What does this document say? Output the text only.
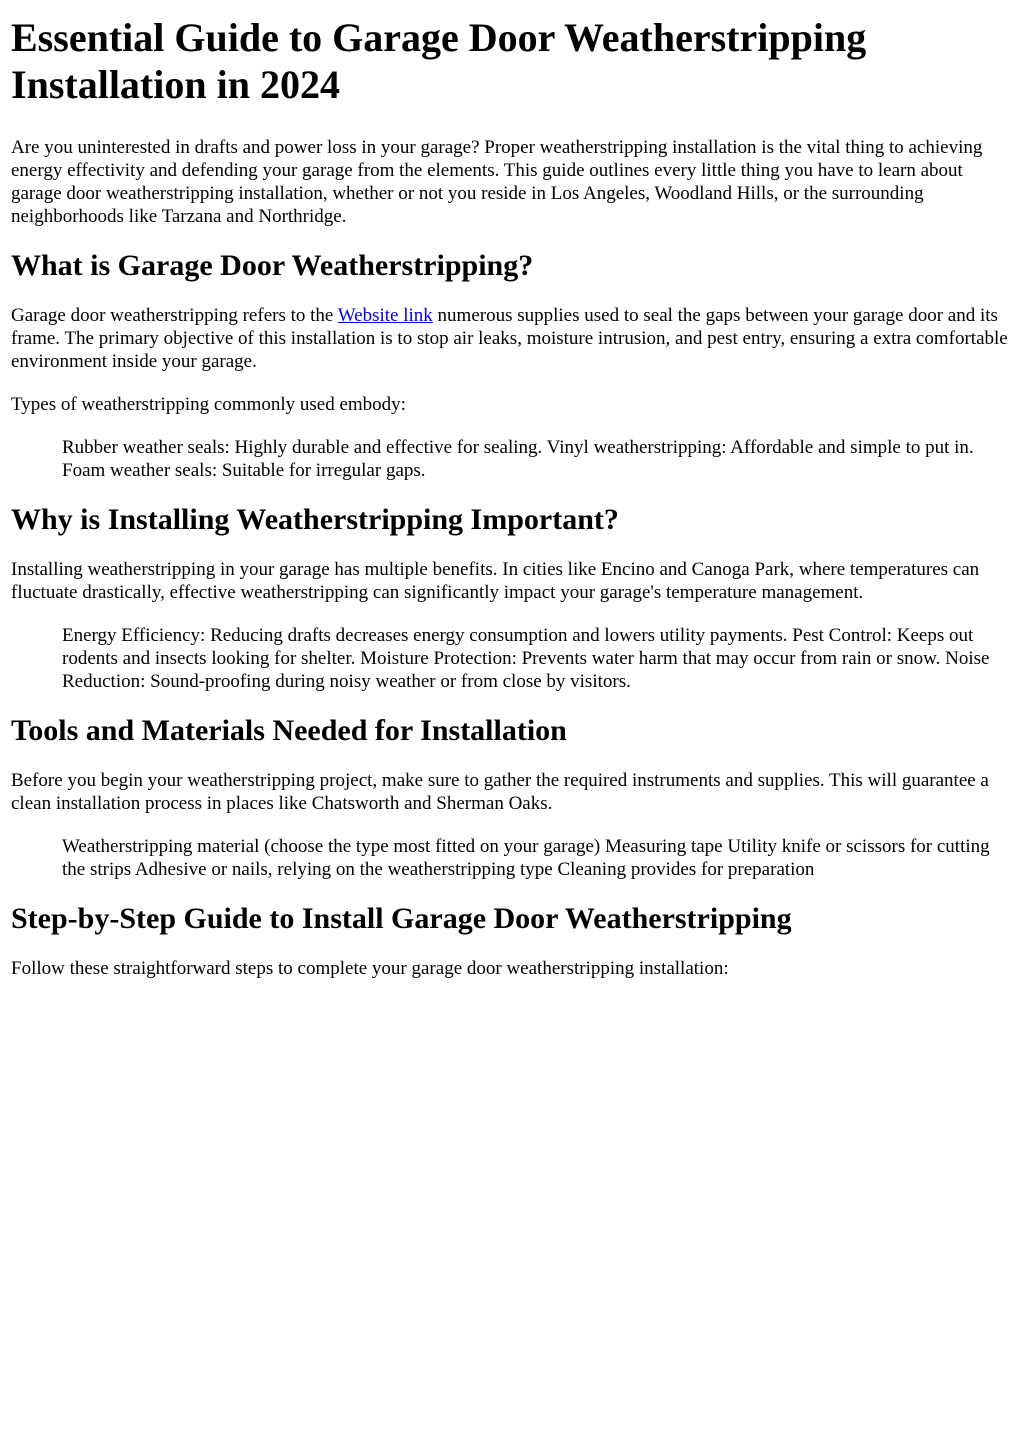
Essential Guide to Garage Door Weatherstripping Installation in 2024

Are you uninterested in drafts and power loss in your garage? Proper weatherstripping installation is the vital thing to achieving energy effectivity and defending your garage from the elements. This guide outlines every little thing you have to learn about garage door weatherstripping installation, whether or not you reside in Los Angeles, Woodland Hills, or the surrounding neighborhoods like Tarzana and Northridge.

What is Garage Door Weatherstripping?

Garage door weatherstripping refers to the Website link numerous supplies used to seal the gaps between your garage door and its frame. The primary objective of this installation is to stop air leaks, moisture intrusion, and pest entry, ensuring a extra comfortable environment inside your garage.

Types of weatherstripping commonly used embody:

Rubber weather seals: Highly durable and effective for sealing. Vinyl weatherstripping: Affordable and simple to put in. Foam weather seals: Suitable for irregular gaps.
Why is Installing Weatherstripping Important?

Installing weatherstripping in your garage has multiple benefits. In cities like Encino and Canoga Park, where temperatures can fluctuate drastically, effective weatherstripping can significantly impact your garage's temperature management.

Energy Efficiency: Reducing drafts decreases energy consumption and lowers utility payments. Pest Control: Keeps out rodents and insects looking for shelter. Moisture Protection: Prevents water harm that may occur from rain or snow. Noise Reduction: Sound-proofing during noisy weather or from close by visitors.
Tools and Materials Needed for Installation

Before you begin your weatherstripping project, make sure to gather the required instruments and supplies. This will guarantee a clean installation process in places like Chatsworth and Sherman Oaks.

Weatherstripping material (choose the type most fitted on your garage) Measuring tape Utility knife or scissors for cutting the strips Adhesive or nails, relying on the weatherstripping type Cleaning provides for preparation
Step-by-Step Guide to Install Garage Door Weatherstripping

Follow these straightforward steps to complete your garage door weatherstripping installation:
